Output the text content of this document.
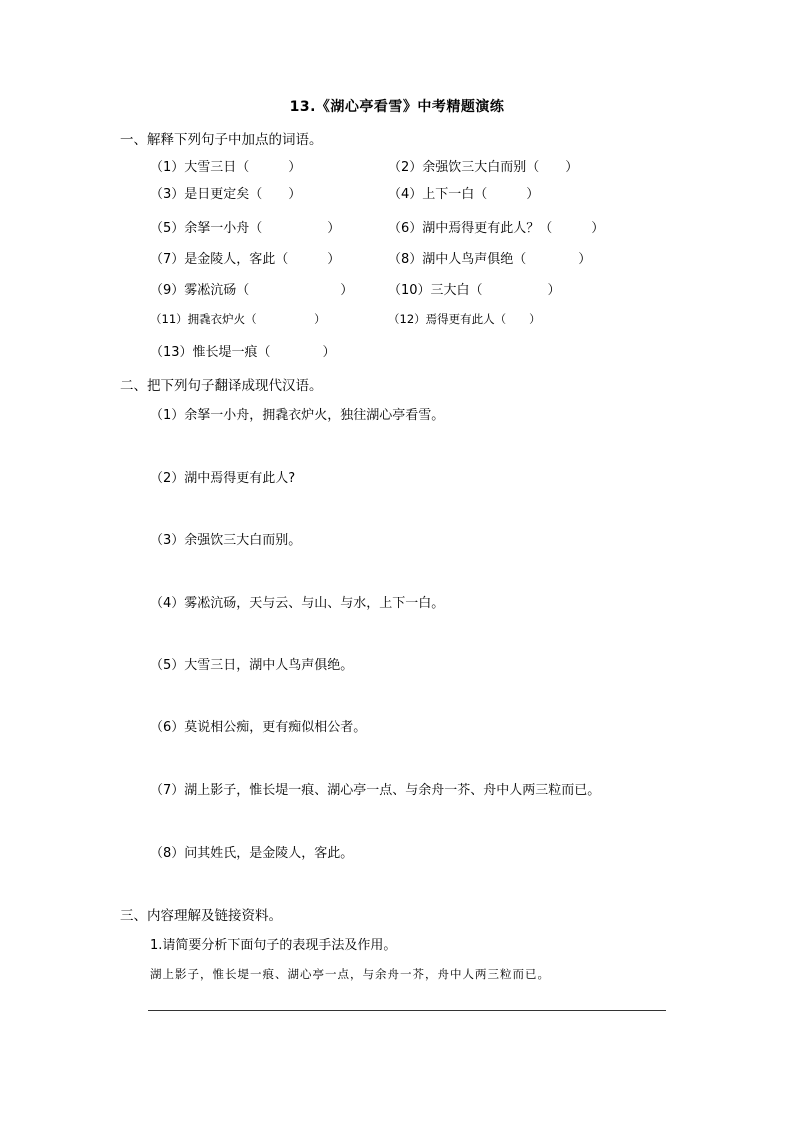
13.《湖心亭看雪》中考精题演练
一、解释下列句子中加点的词语。
（1）大雪三日（　　　）	（2）余强饮三大白而别（　　）
（3）是日更定矣（　　）	（4）上下一白（　　　）
（5）余拏一小舟（　　　　　）	（6）湖中焉得更有此人？（　　　）
（7）是金陵人，客此（　　　）	（8）湖中人鸟声俱绝（　　　　）
（9）雾凇沆砀（　　　　　　　）	（10）三大白（　　　　　）
（11）拥毳衣炉火（　　　　　）	（12）焉得更有此人（　　）
（13）惟长堤一痕（　　　　）
二、把下列句子翻译成现代汉语。
（1）余拏一小舟，拥毳衣炉火，独往湖心亭看雪。
（2）湖中焉得更有此人?
（3）余强饮三大白而别。
（4）雾凇沆砀，天与云、与山、与水，上下一白。
（5）大雪三日，湖中人鸟声俱绝。
（6）莫说相公痴，更有痴似相公者。
（7）湖上影子，惟长堤一痕、湖心亭一点、与余舟一芥、舟中人两三粒而已。
（8）问其姓氏，是金陵人，客此。
三、内容理解及链接资料。
1.请简要分析下面句子的表现手法及作用。
湖上影子，惟长堤一痕、湖心亭一点，与余舟一芥，舟中人两三粒而已。
